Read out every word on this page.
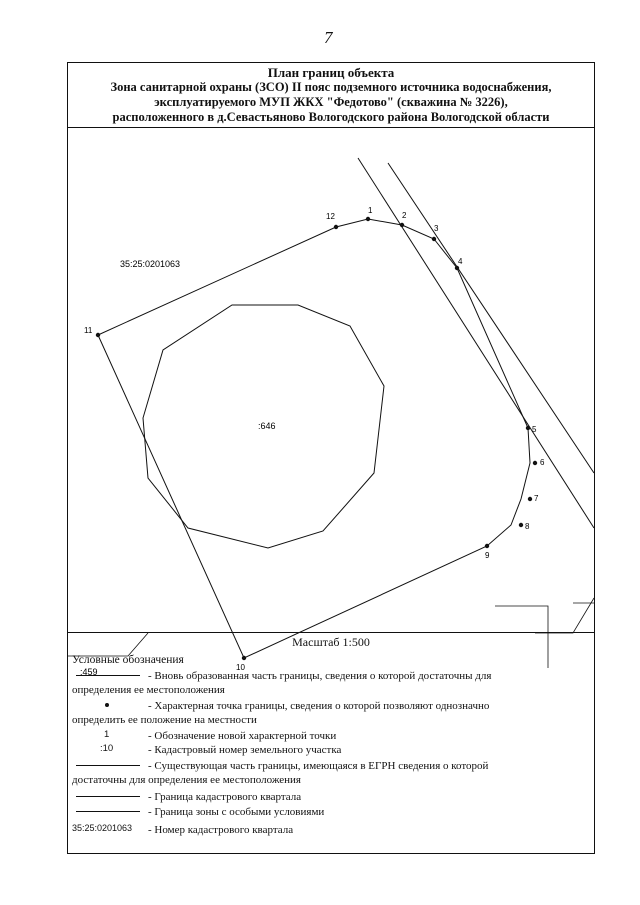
7
План границ объекта
Зона санитарной охраны (ЗСО) II пояс подземного источника водоснабжения,
эксплуатируемого МУП ЖКХ "Федотово" (скважина № 3226),
расположенного в д.Севастьяново Вологодского района Вологодской области
1
2
3
4
5
6
7
8
9
10
11
12
35:25:0201063
:646
:459
Масштаб 1:500
Условные обозначения
- Вновь образованная часть границы, сведения о которой достаточны для
определения ее местоположения
- Характерная точка границы, сведения о которой позволяют однозначно
определить ее положение на местности
1	- Обозначение новой характерной точки
:10	- Кадастровый номер земельного участка
- Существующая часть границы, имеющаяся в ЕГРН сведения о которой
достаточны для определения ее местоположения
- Граница кадастрового квартала
- Граница зоны с особыми условиями
35:25:0201063 - Номер кадастрового квартала
